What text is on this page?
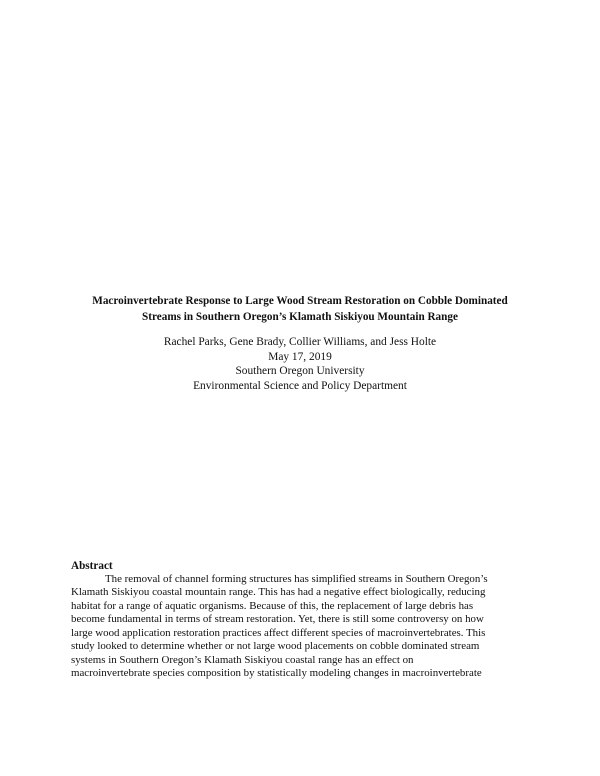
Macroinvertebrate Response to Large Wood Stream Restoration on Cobble Dominated
Streams in Southern Oregon’s Klamath Siskiyou Mountain Range
Rachel Parks, Gene Brady, Collier Williams, and Jess Holte
May 17, 2019
Southern Oregon University
Environmental Science and Policy Department

Abstract

The removal of channel forming structures has simplified streams in Southern Oregon’s
Klamath Siskiyou coastal mountain range. This has had a negative effect biologically, reducing
habitat for a range of aquatic organisms. Because of this, the replacement of large debris has
become fundamental in terms of stream restoration. Yet, there is still some controversy on how
large wood application restoration practices affect different species of macroinvertebrates. This
study looked to determine whether or not large wood placements on cobble dominated stream
systems in Southern Oregon’s Klamath Siskiyou coastal range has an effect on
macroinvertebrate species composition by statistically modeling changes in macroinvertebrate
